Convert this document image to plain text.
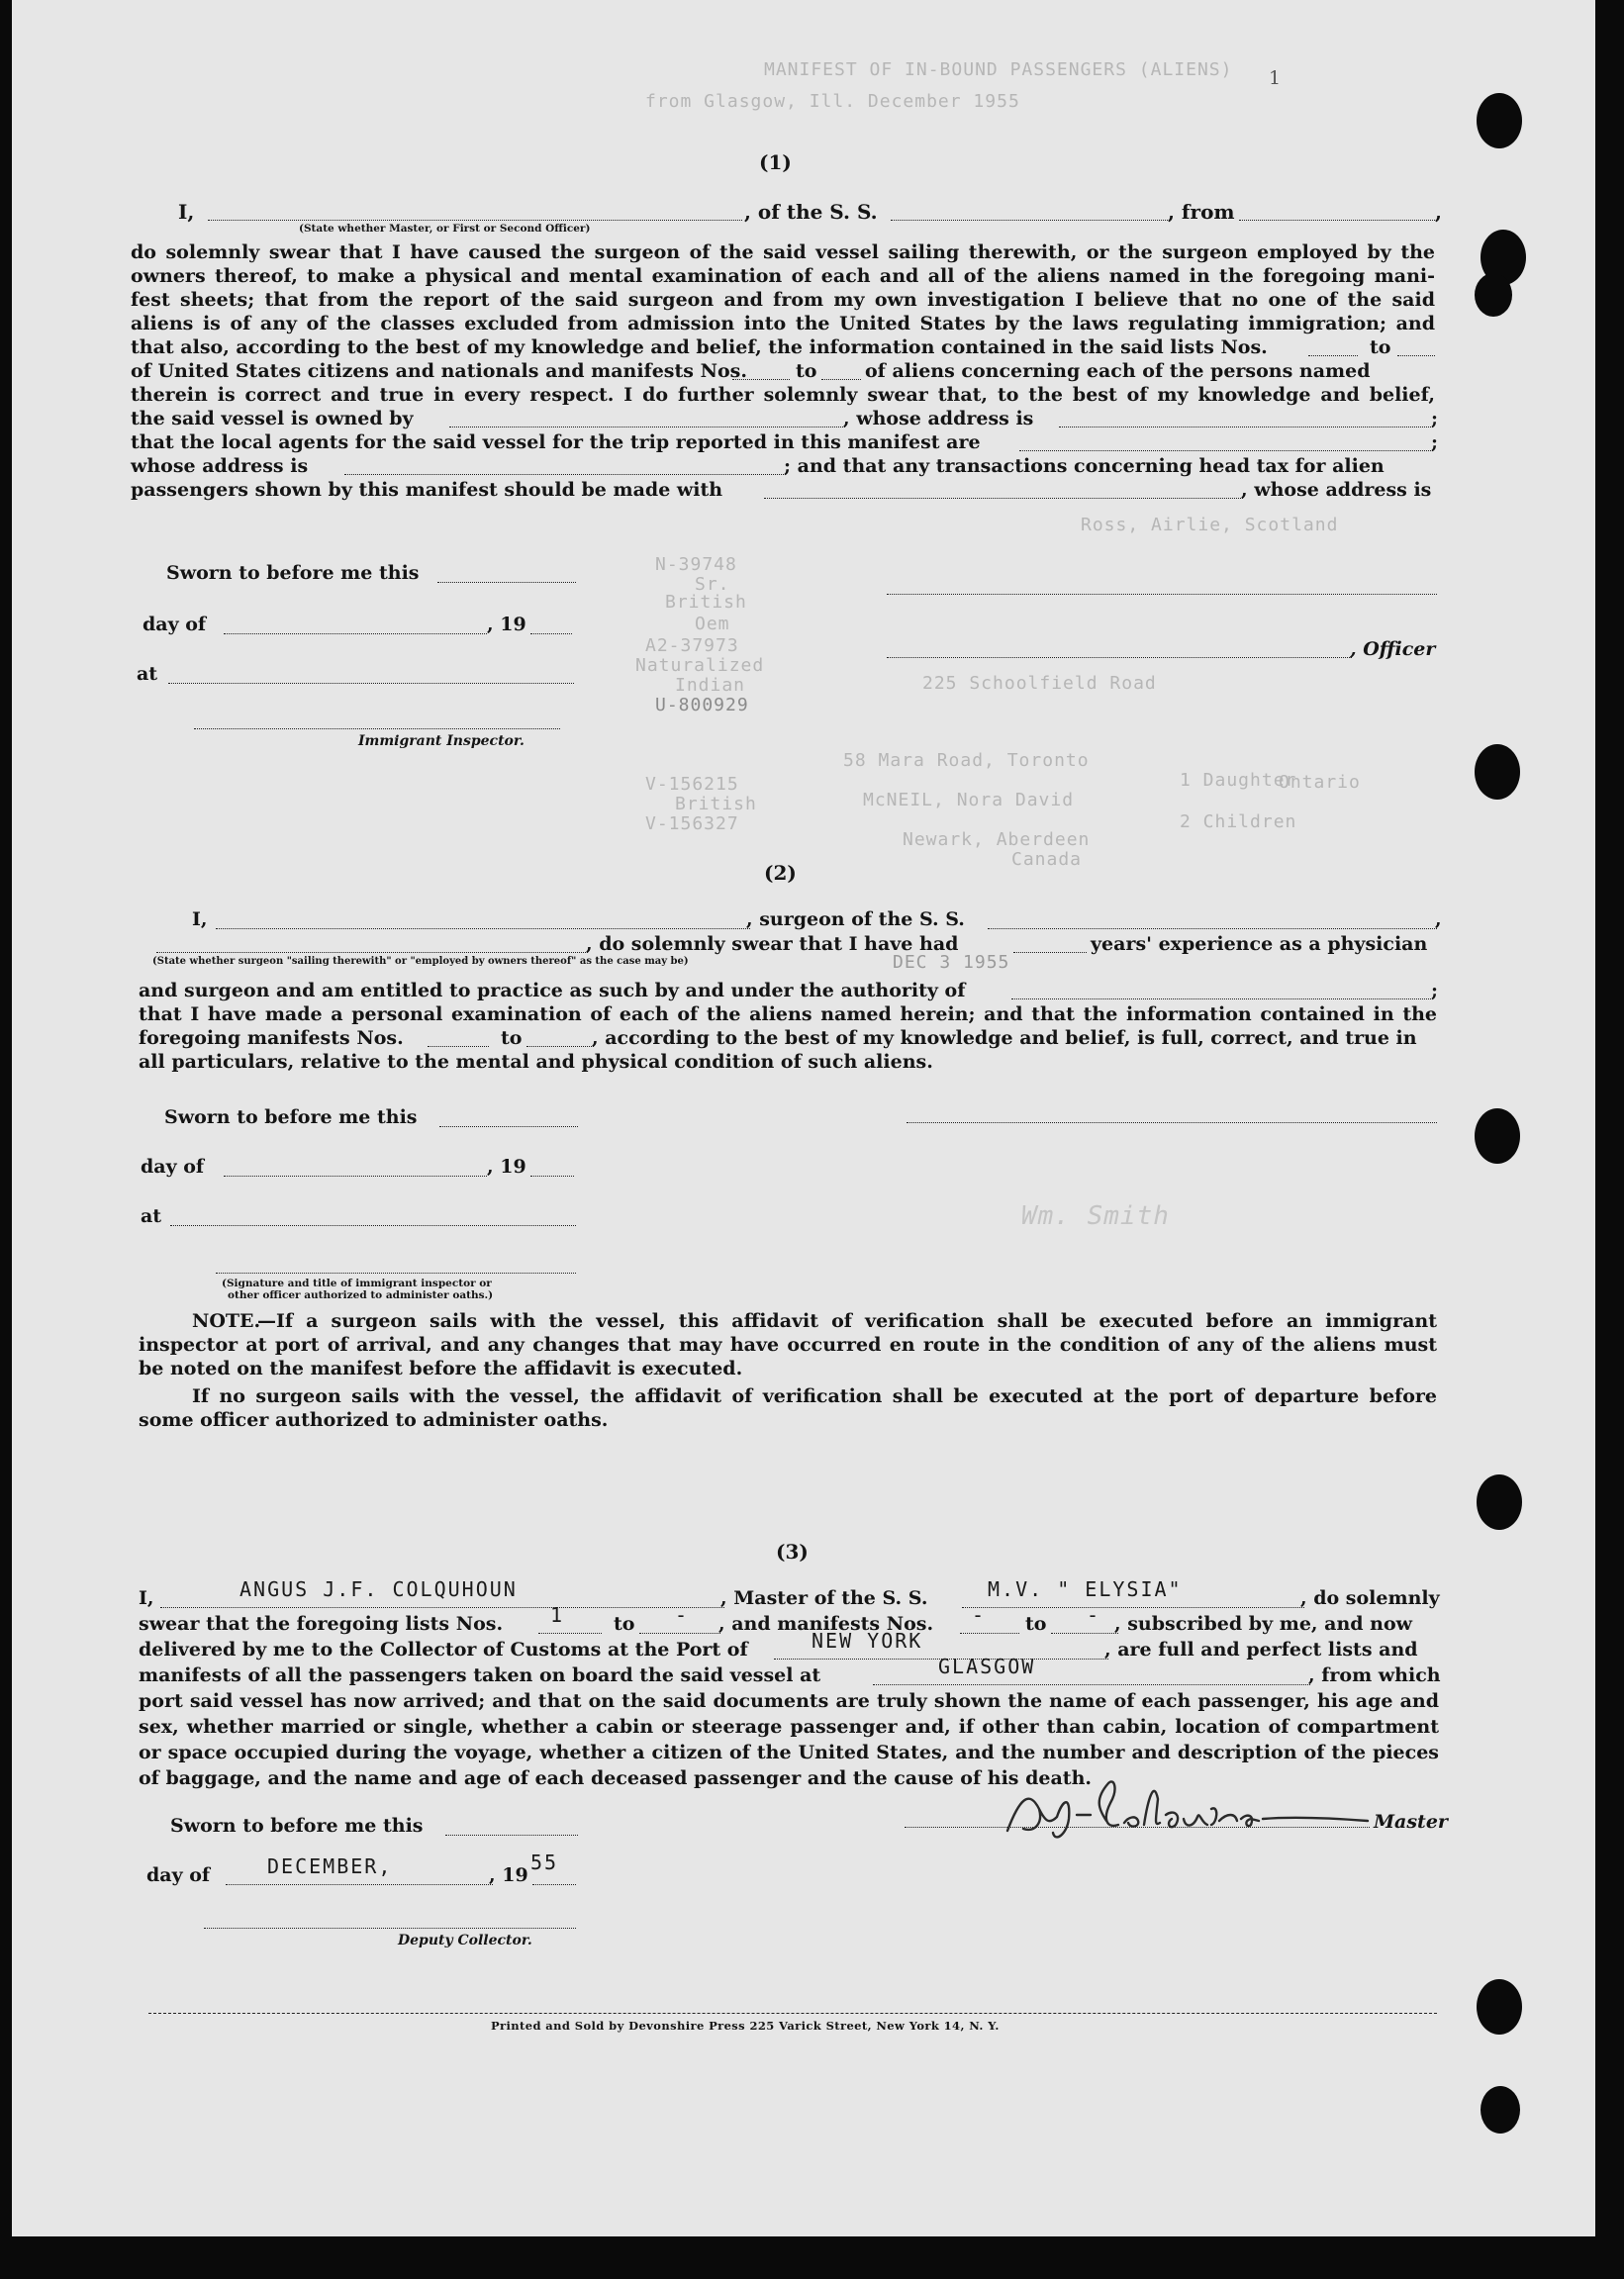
MANIFEST OF IN-BOUND PASSENGERS (ALIENS)
from Glasgow, Ill. December 1955
Ross, Airlie, Scotland
N-39748
Sr.
British
Oem
A2-37973
Naturalized
Indian
U-800929
V-156215
British
V-156327
225 Schoolfield Road
58 Mara Road, Toronto
McNEIL, Nora David
Newark, Aberdeen
Canada
1 Daughter
2 Children
Ontario
DEC 3 1955
Wm. Smith
1
(1)
I,	, of the S. S.	, from	,
(State whether Master, or First or Second Officer)
do solemnly swear that I have caused the surgeon of the said vessel sailing therewith, or the surgeon employed by the
owners thereof, to make a physical and mental examination of each and all of the aliens named in the foregoing mani-
fest sheets; that from the report of the said surgeon and from my own investigation I believe that no one of the said
aliens is of any of the classes excluded from admission into the United States by the laws regulating immigration; and
that also, according to the best of my knowledge and belief, the information contained in the said lists Nos.	to
of United States citizens and nationals and manifests Nos.	to	of aliens concerning each of the persons named
therein is correct and true in every respect. I do further solemnly swear that, to the best of my knowledge and belief,
the said vessel is owned by	, whose address is	;
that the local agents for the said vessel for the trip reported in this manifest are	;
whose address is	; and that any transactions concerning head tax for alien
passengers shown by this manifest should be made with	, whose address is
Sworn to before me this
day of	, 19
, Officer
at
Immigrant Inspector.
(2)
I,	, surgeon of the S. S.	,
, do solemnly swear that I have had	years' experience as a physician
(State whether surgeon "sailing therewith" or "employed by owners thereof" as the case may be)
and surgeon and am entitled to practice as such by and under the authority of	;
that I have made a personal examination of each of the aliens named herein; and that the information contained in the
foregoing manifests Nos.	to	, according to the best of my knowledge and belief, is full, correct, and true in
all particulars, relative to the mental and physical condition of such aliens.
Sworn to before me this
day of	, 19
at
(Signature and title of immigrant inspector or
other officer authorized to administer oaths.)
NOTE.
—If a surgeon sails with the vessel, this affidavit of verification shall be executed before an immigrant
inspector at port of arrival, and any changes that may have occurred en route in the condition of any of the aliens must
be noted on the manifest before the affidavit is executed.
If no surgeon sails with the vessel, the affidavit of verification shall be executed at the port of departure before
some officer authorized to administer oaths.
(3)
I,	ANGUS J.F. COLQUHOUN	, Master of the S. S.	M.V. " ELYSIA"	, do solemnly
swear that the foregoing lists Nos. 1	to - , and manifests Nos. - to - , subscribed by me, and now
delivered by me to the Collector of Customs at the Port of	NEW YORK	, are full and perfect lists and
manifests of all the passengers taken on board the said vessel at	GLASGOW	, from which
port said vessel has now arrived; and that on the said documents are truly shown the name of each passenger, his age and
sex, whether married or single, whether a cabin or steerage passenger and, if other than cabin, location of compartment
or space occupied during the voyage, whether a citizen of the United States, and the number and description of the pieces
of baggage, and the name and age of each deceased passenger and the cause of his death.
Sworn to before me this	Master
day of	DECEMBER,	, 19
55
Deputy Collector.
Printed and Sold by Devonshire Press 225 Varick Street, New York 14, N. Y.
